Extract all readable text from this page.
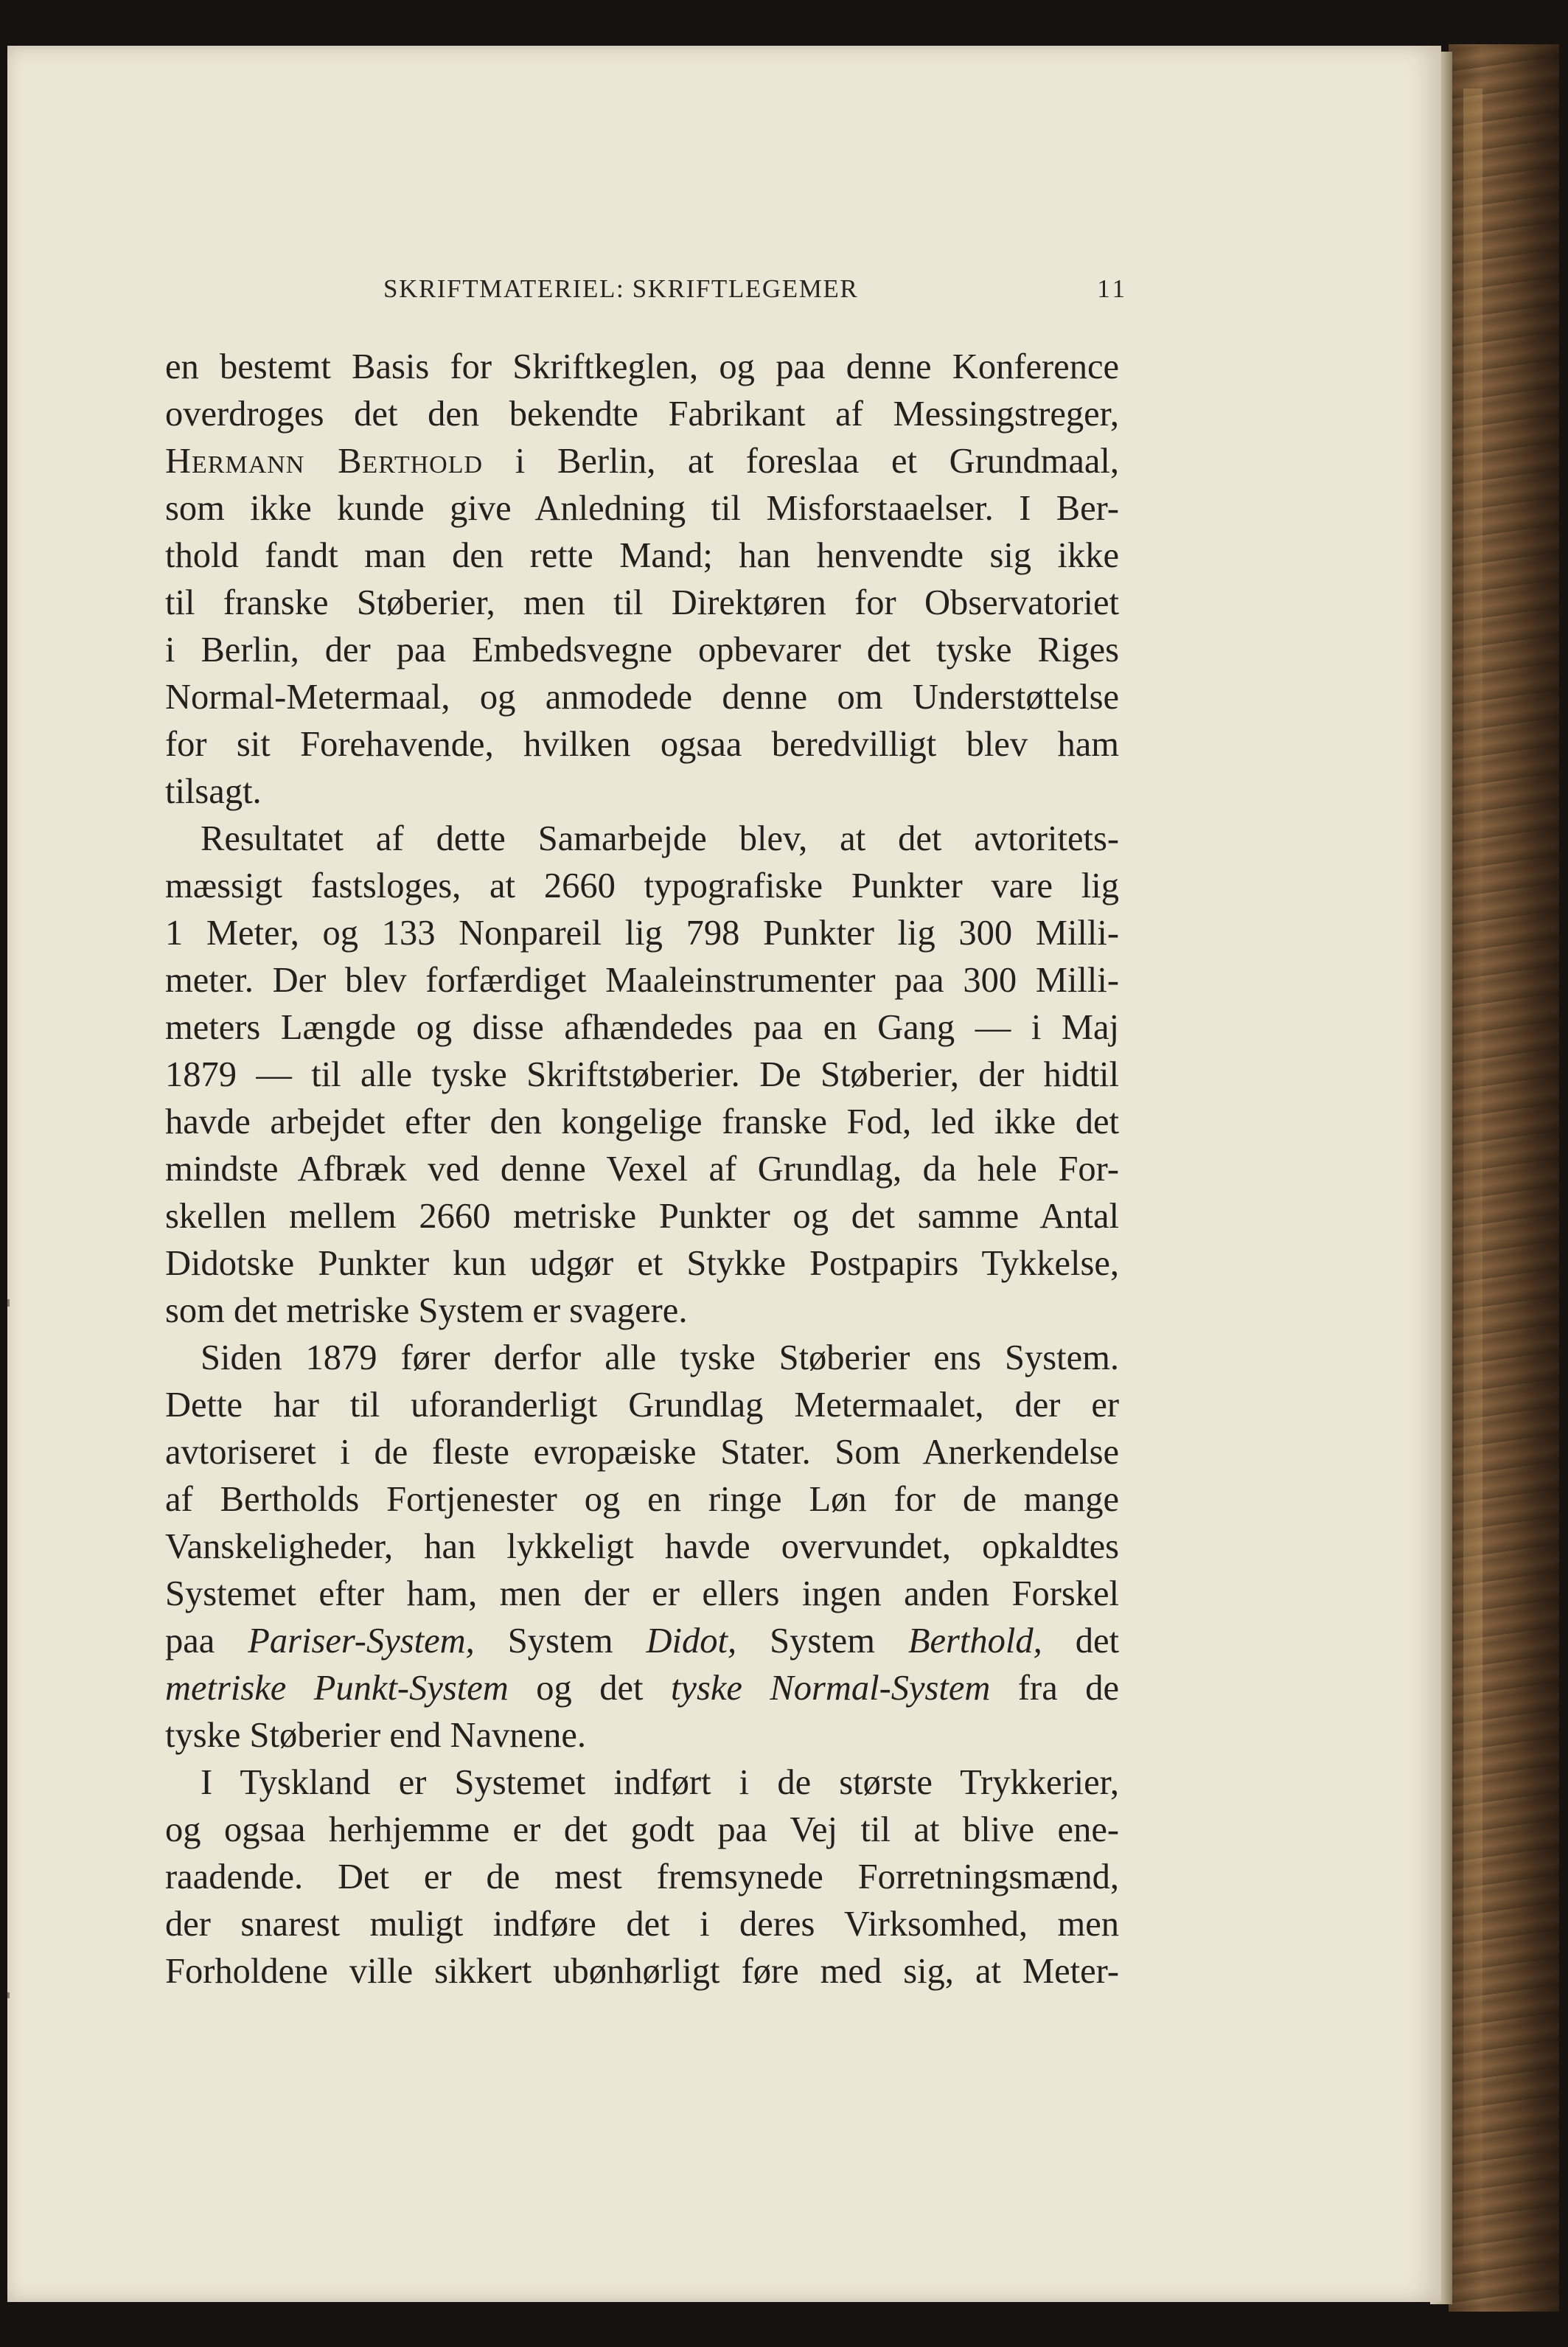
SKRIFTMATERIEL: SKRIFTLEGEMER	11
en bestemt Basis for Skriftkeglen, og paa denne Konference
overdroges det den bekendte Fabrikant af Messingstreger,
Hermann Berthold i Berlin, at foreslaa et Grundmaal,
som ikke kunde give Anledning til Misforstaaelser. I Ber-
thold fandt man den rette Mand; han henvendte sig ikke
til franske Støberier, men til Direktøren for Observatoriet
i Berlin, der paa Embedsvegne opbevarer det tyske Riges
Normal-Metermaal, og anmodede denne om Understøttelse
for sit Forehavende, hvilken ogsaa beredvilligt blev ham
tilsagt.
Resultatet af dette Samarbejde blev, at det avtoritets-
mæssigt fastsloges, at 2660 typografiske Punkter vare lig
1 Meter, og 133 Nonpareil lig 798 Punkter lig 300 Milli-
meter. Der blev forfærdiget Maaleinstrumenter paa 300 Milli-
meters Længde og disse afhændedes paa en Gang — i Maj
1879 — til alle tyske Skriftstøberier. De Støberier, der hidtil
havde arbejdet efter den kongelige franske Fod, led ikke det
mindste Afbræk ved denne Vexel af Grundlag, da hele For-
skellen mellem 2660 metriske Punkter og det samme Antal
Didotske Punkter kun udgør et Stykke Postpapirs Tykkelse,
som det metriske System er svagere.
Siden 1879 fører derfor alle tyske Støberier ens System.
Dette har til uforanderligt Grundlag Metermaalet, der er
avtoriseret i de fleste evropæiske Stater. Som Anerkendelse
af Bertholds Fortjenester og en ringe Løn for de mange
Vanskeligheder, han lykkeligt havde overvundet, opkaldtes
Systemet efter ham, men der er ellers ingen anden Forskel
paa Pariser-System, System Didot, System Berthold, det
metriske Punkt-System og det tyske Normal-System fra de
tyske Støberier end Navnene.
I Tyskland er Systemet indført i de største Trykkerier,
og ogsaa herhjemme er det godt paa Vej til at blive ene-
raadende. Det er de mest fremsynede Forretningsmænd,
der snarest muligt indføre det i deres Virksomhed, men
Forholdene ville sikkert ubønhørligt føre med sig, at Meter-
